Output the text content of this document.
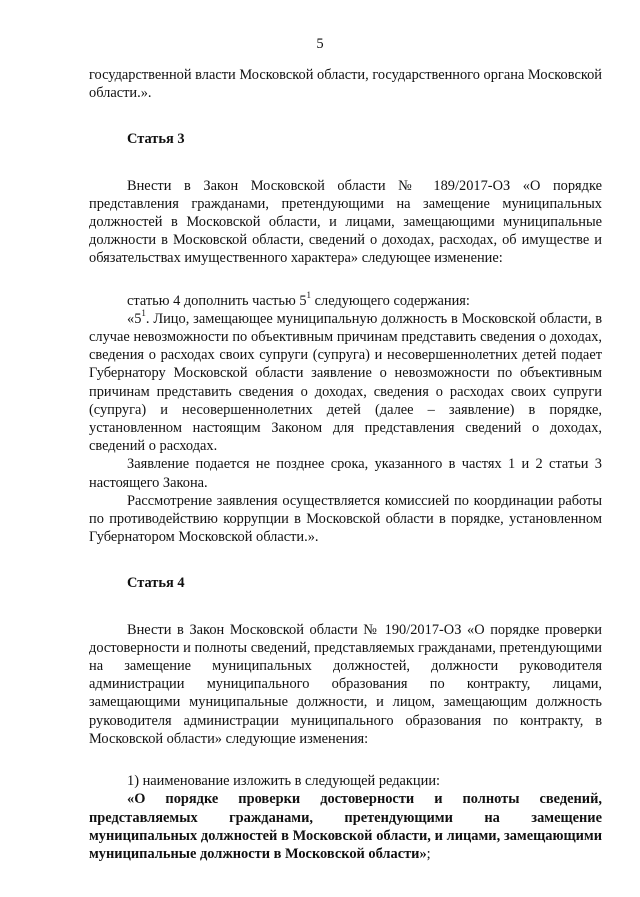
5

государственной власти Московской области, государственного органа Московской области.».

Статья 3

Внести в Закон Московской области № 189/2017-ОЗ «О порядке представления гражданами, претендующими на замещение муниципальных должностей в Московской области, и лицами, замещающими муниципальные должности в Московской области, сведений о доходах, расходах, об имуществе и обязательствах имущественного характера» следующее изменение:

статью 4 дополнить частью $5^1$ следующего содержания:

«$5^1$. Лицо, замещающее муниципальную должность в Московской области, в случае невозможности по объективным причинам представить сведения о доходах, сведения о расходах своих супруги (супруга) и несовершеннолетних детей подает Губернатору Московской области заявление о невозможности по объективным причинам представить сведения о доходах, сведения о расходах своих супруги (супруга) и несовершеннолетних детей (далее – заявление) в порядке, установленном настоящим Законом для представления сведений о доходах, сведений о расходах.

Заявление подается не позднее срока, указанного в частях 1 и 2 статьи 3 настоящего Закона.

Рассмотрение заявления осуществляется комиссией по координации работы по противодействию коррупции в Московской области в порядке, установленном Губернатором Московской области.».

Статья 4

Внести в Закон Московской области № 190/2017-ОЗ «О порядке проверки достоверности и полноты сведений, представляемых гражданами, претендующими на замещение муниципальных должностей, должности руководителя администрации муниципального образования по контракту, лицами, замещающими муниципальные должности, и лицом, замещающим должность руководителя администрации муниципального образования по контракту, в Московской области» следующие изменения:

1) наименование изложить в следующей редакции:

«О порядке проверки достоверности и полноты сведений, представляемых гражданами, претендующими на замещение муниципальных должностей в Московской области, и лицами, замещающими муниципальные должности в Московской области»;
